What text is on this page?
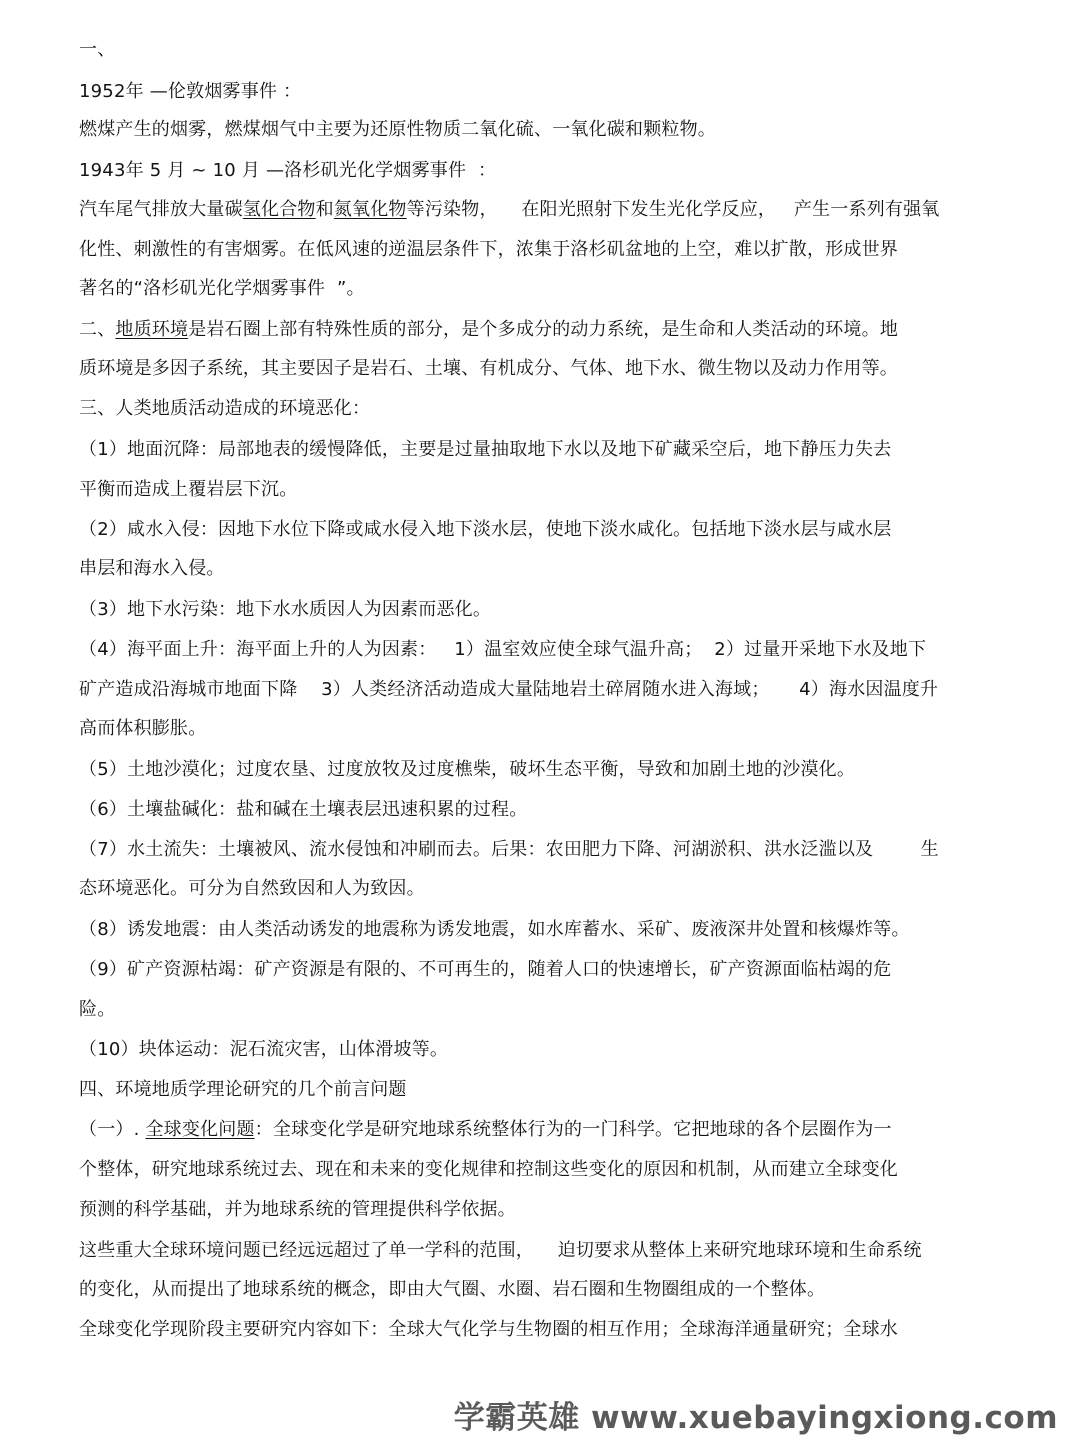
一、
1952年 —伦敦烟雾事件 ：
燃煤产生的烟雾，燃煤烟气中主要为还原性物质二氧化硫、一氧化碳和颗粒物。
1943年 5 月 ~ 10 月 —洛杉矶光化学烟雾事件  ：
汽车尾气排放大量碳氢化合物和氮氧化物等污染物，    在阳光照射下发生光化学反应，   产生一系列有强氧
化性、刺激性的有害烟雾。在低风速的逆温层条件下，浓集于洛杉矶盆地的上空，难以扩散，形成世界
著名的“洛杉矶光化学烟雾事件  ”。
二、地质环境是岩石圈上部有特殊性质的部分，是个多成分的动力系统，是生命和人类活动的环境。地
质环境是多因子系统，其主要因子是岩石、土壤、有机成分、气体、地下水、微生物以及动力作用等。
三、人类地质活动造成的环境恶化：
（1）地面沉降：局部地表的缓慢降低，主要是过量抽取地下水以及地下矿藏采空后，地下静压力失去
平衡而造成上覆岩层下沉。
（2）咸水入侵：因地下水位下降或咸水侵入地下淡水层，使地下淡水咸化。包括地下淡水层与咸水层
串层和海水入侵。
（3）地下水污染：地下水水质因人为因素而恶化。
（4）海平面上升：海平面上升的人为因素：   1）温室效应使全球气温升高；  2）过量开采地下水及地下
矿产造成沿海城市地面下降    3）人类经济活动造成大量陆地岩土碎屑随水进入海域；     4）海水因温度升
高而体积膨胀。
（5）土地沙漠化；过度农垦、过度放牧及过度樵柴，破坏生态平衡，导致和加剧土地的沙漠化。
（6）土壤盐碱化：盐和碱在土壤表层迅速积累的过程。
（7）水土流失：土壤被风、流水侵蚀和冲刷而去。后果：农田肥力下降、河湖淤积、洪水泛滥以及        生
态环境恶化。可分为自然致因和人为致因。
（8）诱发地震：由人类活动诱发的地震称为诱发地震，如水库蓄水、采矿、废液深井处置和核爆炸等。
（9）矿产资源枯竭：矿产资源是有限的、不可再生的，随着人口的快速增长，矿产资源面临枯竭的危
险。
（10）块体运动：泥石流灾害，山体滑坡等。
四、环境地质学理论研究的几个前言问题
（一）. 全球变化问题：全球变化学是研究地球系统整体行为的一门科学。它把地球的各个层圈作为一
个整体，研究地球系统过去、现在和未来的变化规律和控制这些变化的原因和机制，从而建立全球变化
预测的科学基础，并为地球系统的管理提供科学依据。
这些重大全球环境问题已经远远超过了单一学科的范围，    迫切要求从整体上来研究地球环境和生命系统
的变化，从而提出了地球系统的概念，即由大气圈、水圈、岩石圈和生物圈组成的一个整体。
全球变化学现阶段主要研究内容如下：全球大气化学与生物圈的相互作用；全球海洋通量研究；全球水
学霸英雄 www.xuebayingxiong.com
